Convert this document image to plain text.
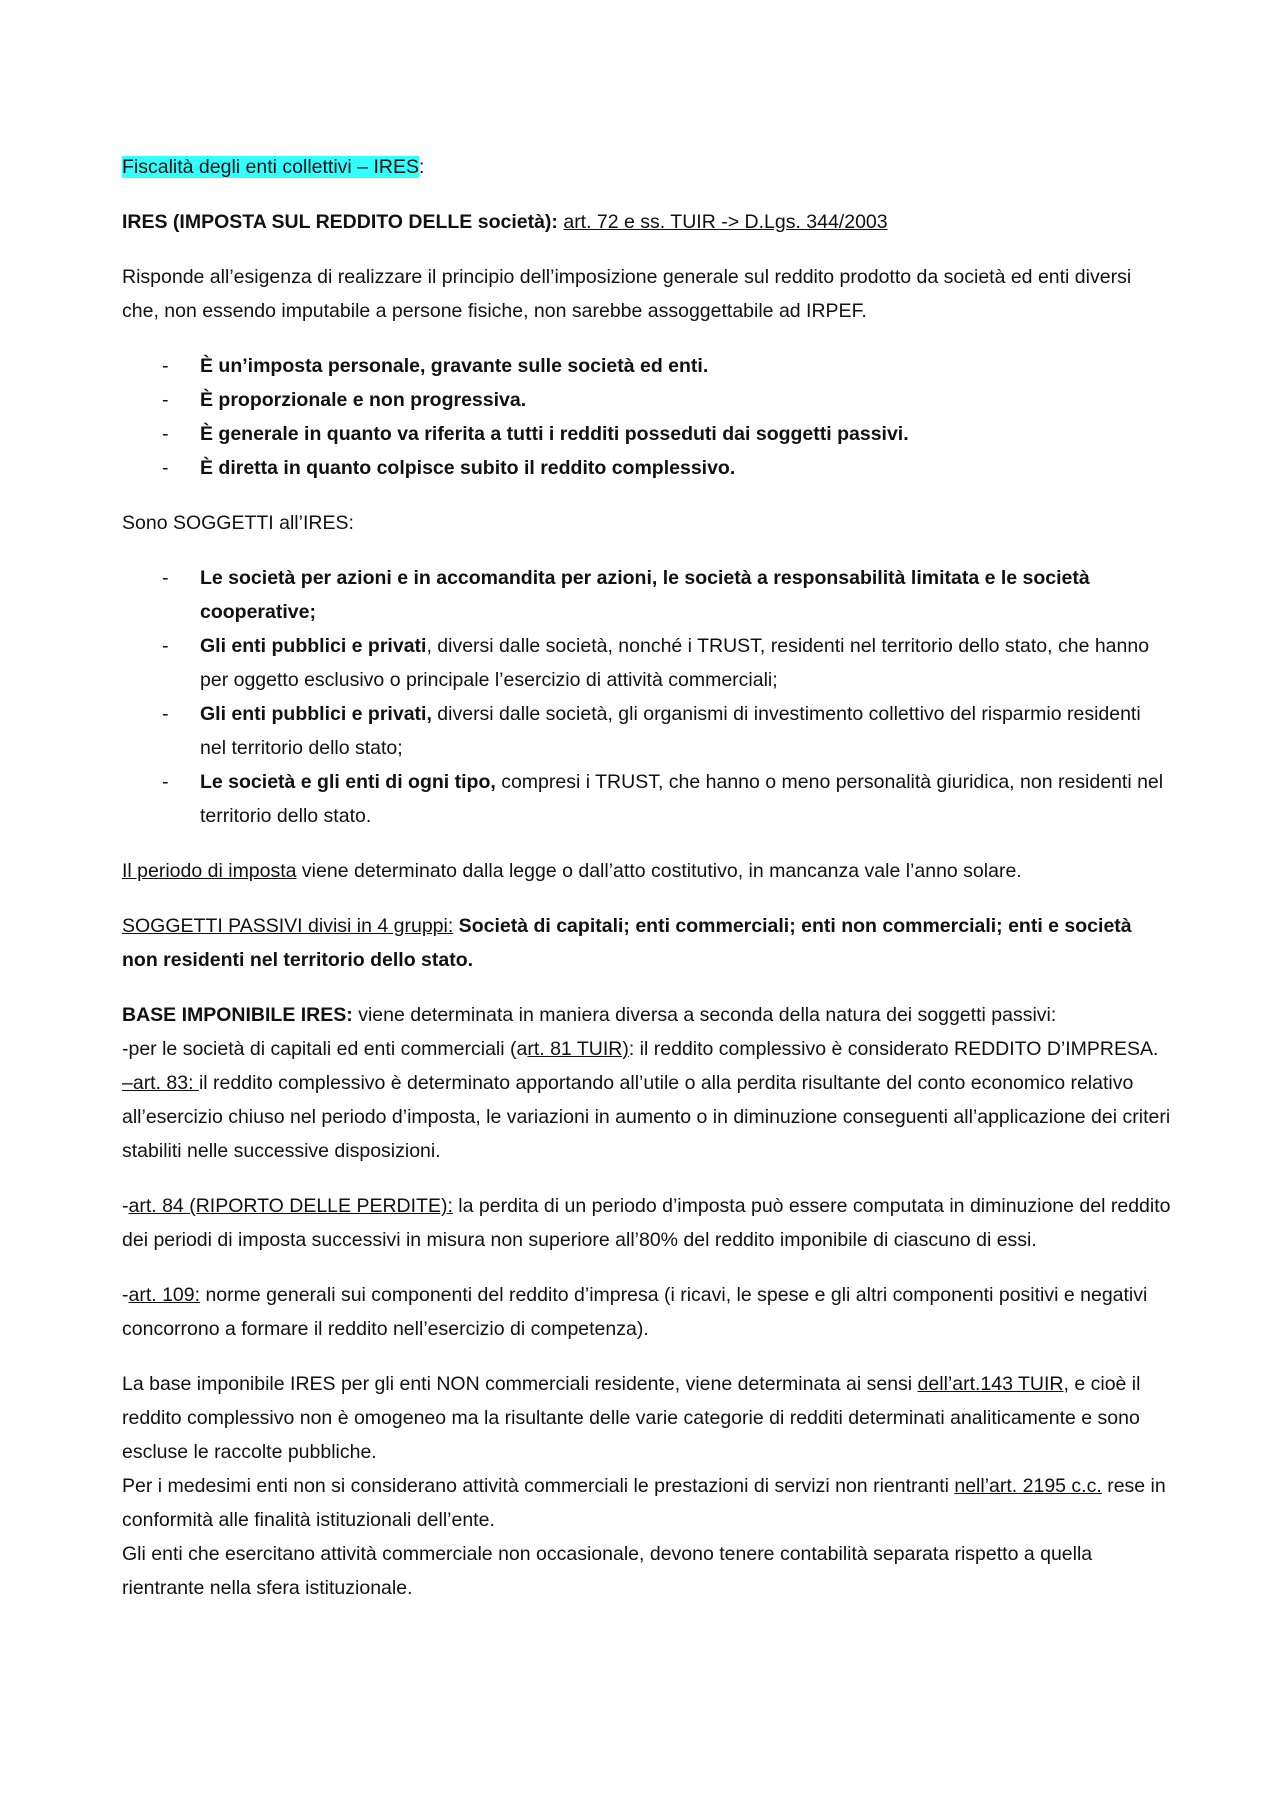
Fiscalità degli enti collettivi – IRES:

IRES (IMPOSTA SUL REDDITO DELLE società): art. 72 e ss. TUIR -> D.Lgs. 344/2003

Risponde all’esigenza di realizzare il principio dell’imposizione generale sul reddito prodotto da società ed enti diversi che, non essendo imputabile a persone fisiche, non sarebbe assoggettabile ad IRPEF.

- È un’imposta personale, gravante sulle società ed enti.
- È proporzionale e non progressiva.
- È generale in quanto va riferita a tutti i redditi posseduti dai soggetti passivi.
- È diretta in quanto colpisce subito il reddito complessivo.

Sono SOGGETTI all’IRES:

- Le società per azioni e in accomandita per azioni, le società a responsabilità limitata e le società cooperative;
- Gli enti pubblici e privati, diversi dalle società, nonché i TRUST, residenti nel territorio dello stato, che hanno per oggetto esclusivo o principale l’esercizio di attività commerciali;
- Gli enti pubblici e privati, diversi dalle società, gli organismi di investimento collettivo del risparmio residenti nel territorio dello stato;
- Le società e gli enti di ogni tipo, compresi i TRUST, che hanno o meno personalità giuridica, non residenti nel territorio dello stato.

Il periodo di imposta viene determinato dalla legge o dall’atto costitutivo, in mancanza vale l’anno solare.

SOGGETTI PASSIVI divisi in 4 gruppi: Società di capitali; enti commerciali; enti non commerciali; enti e società non residenti nel territorio dello stato.

BASE IMPONIBILE IRES: viene determinata in maniera diversa a seconda della natura dei soggetti passivi:
-per le società di capitali ed enti commerciali (art. 81 TUIR): il reddito complessivo è considerato REDDITO D’IMPRESA.
–art. 83: il reddito complessivo è determinato apportando all’utile o alla perdita risultante del conto economico relativo all’esercizio chiuso nel periodo d’imposta, le variazioni in aumento o in diminuzione conseguenti all’applicazione dei criteri stabiliti nelle successive disposizioni.

-art. 84 (RIPORTO DELLE PERDITE): la perdita di un periodo d’imposta può essere computata in diminuzione del reddito dei periodi di imposta successivi in misura non superiore all’80% del reddito imponibile di ciascuno di essi.

-art. 109: norme generali sui componenti del reddito d’impresa (i ricavi, le spese e gli altri componenti positivi e negativi concorrono a formare il reddito nell’esercizio di competenza).

La base imponibile IRES per gli enti NON commerciali residente, viene determinata ai sensi dell’art.143 TUIR, e cioè il reddito complessivo non è omogeneo ma la risultante delle varie categorie di redditi determinati analiticamente e sono escluse le raccolte pubbliche.
Per i medesimi enti non si considerano attività commerciali le prestazioni di servizi non rientranti nell’art. 2195 c.c. rese in conformità alle finalità istituzionali dell’ente.
Gli enti che esercitano attività commerciale non occasionale, devono tenere contabilità separata rispetto a quella rientrante nella sfera istituzionale.
